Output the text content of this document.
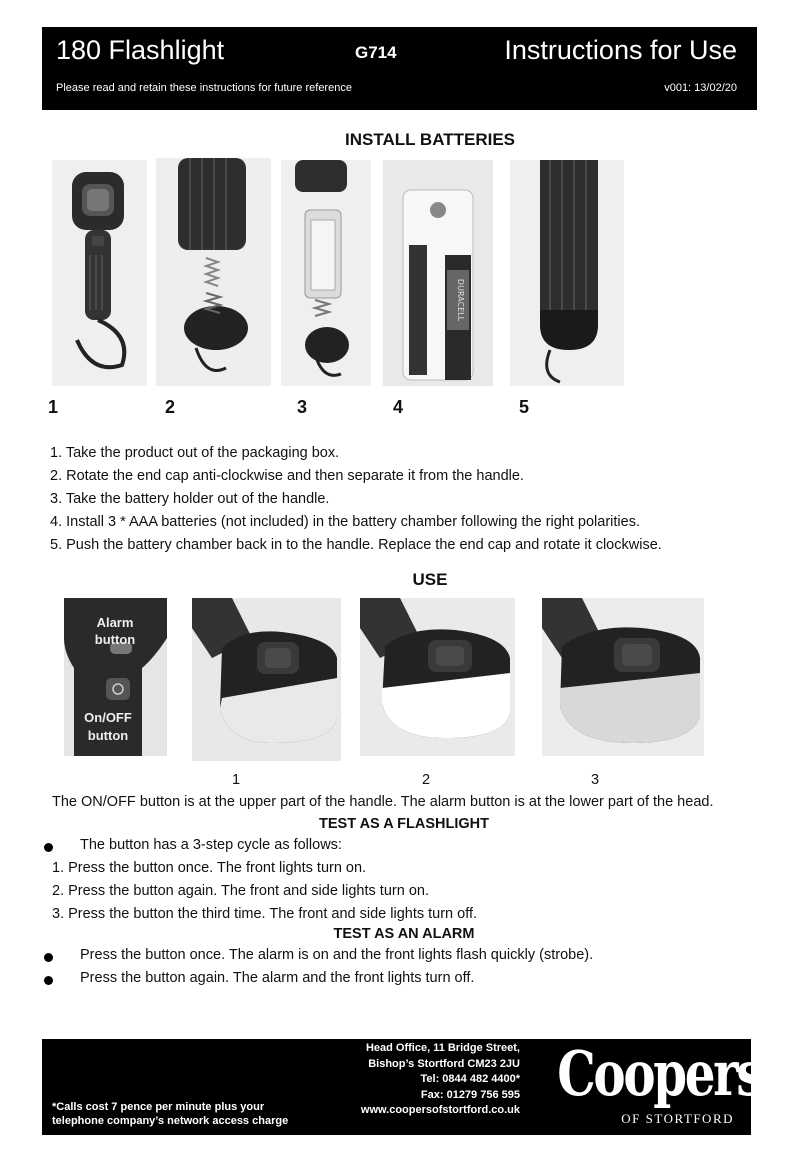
180 Flashlight	G714	Instructions for Use
Please read and retain these instructions for future reference	v001: 13/02/20
INSTALL BATTERIES
DURACELL
1	2	3	4	5
1. Take the product out of the packaging box.
2. Rotate the end cap anti-clockwise and then separate it from the handle.
3. Take the battery holder out of the handle.
4. Install 3 * AAA batteries (not included) in the battery chamber following the right polarities.
5. Push the battery chamber back in to the handle. Replace the end cap and rotate it clockwise.
USE
Alarm
button
On/OFF
button
1	2	3
The ON/OFF button is at the upper part of the handle. The alarm button is at the lower part of the head.
TEST AS A FLASHLIGHT
The button has a 3-step cycle as follows:
1. Press the button once. The front lights turn on.
2. Press the button again. The front and side lights turn on.
3. Press the button the third time. The front and side lights turn off.
TEST AS AN ALARM
Press the button once. The alarm is on and the front lights flash quickly (strobe).
Press the button again. The alarm and the front lights turn off.
*Calls cost 7 pence per minute plus your
telephone company’s network access charge
Head Office, 11 Bridge Street,
Bishop’s Stortford CM23 2JU
Tel: 0844 482 4400*
Fax: 01279 756 595
www.coopersofstortford.co.uk Coopers
OF STORTFORD
